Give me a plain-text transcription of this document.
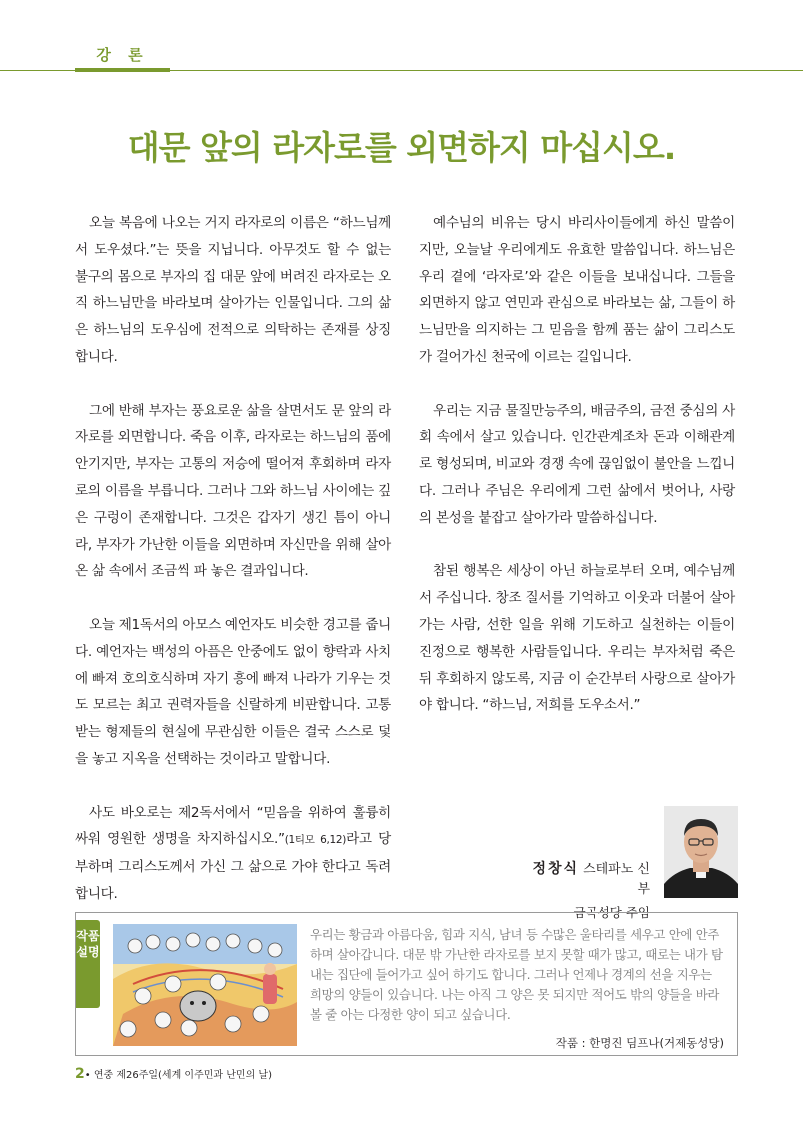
강 론
대문 앞의 라자로를 외면하지 마십시오.

오늘 복음에 나오는 거지 라자로의 이름은 “하느님께서 도우셨다.”는 뜻을 지닙니다. 아무것도 할 수 없는 불구의 몸으로 부자의 집 대문 앞에 버려진 라자로는 오직 하느님만을 바라보며 살아가는 인물입니다. 그의 삶은 하느님의 도우심에 전적으로 의탁하는 존재를 상징합니다.

그에 반해 부자는 풍요로운 삶을 살면서도 문 앞의 라자로를 외면합니다. 죽음 이후, 라자로는 하느님의 품에 안기지만, 부자는 고통의 저승에 떨어져 후회하며 라자로의 이름을 부릅니다. 그러나 그와 하느님 사이에는 깊은 구렁이 존재합니다. 그것은 갑자기 생긴 틈이 아니라, 부자가 가난한 이들을 외면하며 자신만을 위해 살아온 삶 속에서 조금씩 파 놓은 결과입니다.

오늘 제1독서의 아모스 예언자도 비슷한 경고를 줍니다. 예언자는 백성의 아픔은 안중에도 없이 향락과 사치에 빠져 호의호식하며 자기 흥에 빠져 나라가 기우는 것도 모르는 최고 권력자들을 신랄하게 비판합니다. 고통받는 형제들의 현실에 무관심한 이들은 결국 스스로 덫을 놓고 지옥을 선택하는 것이라고 말합니다.

사도 바오로는 제2독서에서 “믿음을 위하여 훌륭히 싸워 영원한 생명을 차지하십시오.”(1티모 6,12)라고 당부하며 그리스도께서 가신 그 삶으로 가야 한다고 독려합니다.

예수님의 비유는 당시 바리사이들에게 하신 말씀이지만, 오늘날 우리에게도 유효한 말씀입니다. 하느님은 우리 곁에 ‘라자로’와 같은 이들을 보내십니다. 그들을 외면하지 않고 연민과 관심으로 바라보는 삶, 그들이 하느님만을 의지하는 그 믿음을 함께 품는 삶이 그리스도가 걸어가신 천국에 이르는 길입니다.

우리는 지금 물질만능주의, 배금주의, 금전 중심의 사회 속에서 살고 있습니다. 인간관계조차 돈과 이해관계로 형성되며, 비교와 경쟁 속에 끊임없이 불안을 느낍니다. 그러나 주님은 우리에게 그런 삶에서 벗어나, 사랑의 본성을 붙잡고 살아가라 말씀하십니다.

참된 행복은 세상이 아닌 하늘로부터 오며, 예수님께서 주십니다. 창조 질서를 기억하고 이웃과 더불어 살아가는 사람, 선한 일을 위해 기도하고 실천하는 이들이 진정으로 행복한 사람들입니다. 우리는 부자처럼 죽은 뒤 후회하지 않도록, 지금 이 순간부터 사랑으로 살아가야 합니다. “하느님, 저희를 도우소서.”

정창식 스테파노 신부
금곡성당 주임
작품 설명

우리는 황금과 아름다움, 힘과 지식, 남녀 등 수많은 울타리를 세우고 안에 안주하며 살아갑니다. 대문 밖 가난한 라자로를 보지 못할 때가 많고, 때로는 내가 탐내는 집단에 들어가고 싶어 하기도 합니다. 그러나 언제나 경계의 선을 지우는 희망의 양들이 있습니다. 나는 아직 그 양은 못 되지만 적어도 밖의 양들을 바라볼 줄 아는 다정한 양이 되고 싶습니다.

작품 : 한명진 딤프나(거제동성당)
2• 연중 제26주일(세계 이주민과 난민의 날)
